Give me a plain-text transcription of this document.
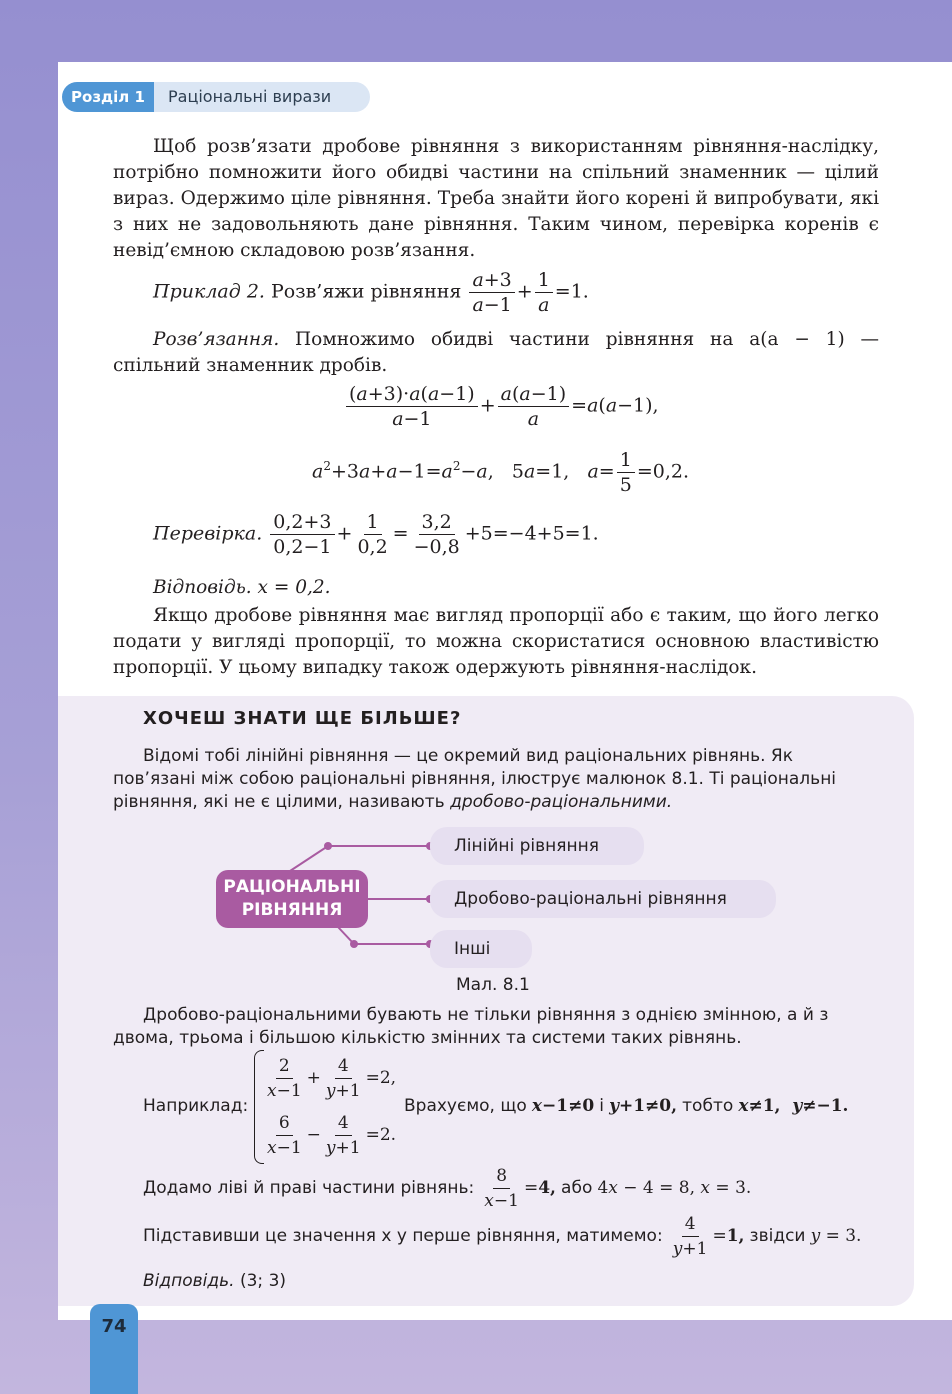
Розділ 1	Раціональні вирази

Щоб розв’язати дробове рівняння з використанням рівняння-наслідку, потрібно помножити його обидві частини на спільний знаменник — цілий вираз. Одержимо ціле рівняння. Треба знайти його корені й випробувати, які з них не задовольняють дане рівняння. Таким чином, перевірка коренів є невід’ємною складовою розв’язання.

Приклад 2. Розв’яжи рівняння $\frac{a+3}{a-1} + \frac{1}{a} =1$.

Розв’язання. Помножимо обидві частини рівняння на a(a − 1) — спільний знаменник дробів.

$\frac{(a+3)\cdot a(a-1)}{a-1} + \frac{a(a-1)}{a} =a(a-1)$,
$a^2+3a+a-1=a^2-a$,   5a=1,   $a= \frac{1}{5} =0,2$.
Перевірка. $\frac{0,2+3}{0,2-1} + \frac{1}{0,2} = \frac{3,2}{-0,8} +5=-4+5=1$.

Відповідь. x = 0,2.

Якщо дробове рівняння має вигляд пропорції або є таким, що його легко подати у вигляді пропорції, то можна скористатися основною властивістю пропорції. У цьому випадку також одержують рівняння-наслідок.

ХОЧЕШ ЗНАТИ ЩЕ БІЛЬШЕ?

Відомі тобі лінійні рівняння — це окремий вид раціональних рівнянь. Як пов’язані між собою раціональні рівняння, ілюструє малюнок 8.1. Ті раціональні рівняння, які не є цілими, називають дробово-раціональними.

РАЦІОНАЛЬНІ
РІВНЯННЯ
Лінійні рівняння
Дробово-раціональні рівняння
Інші
Мал. 8.1

Дробово-раціональними бувають не тільки рівняння з однією змінною, а й з двома, трьома і більшою кількістю змінних та системи таких рівнянь.

Наприклад:
$\frac{2}{x-1} + \frac{4}{y+1} =2$,
$\frac{6}{x-1} - \frac{4}{y+1} =2$.
Врахуємо, що x−1≠0 і y+1≠0, тобто x≠1,  y≠−1.
Додамо ліві й праві частини рівнянь: $\frac{8}{x-1} =4$, або 4x − 4 = 8, x = 3.
Підставивши це значення x у перше рівняння, матимемо: $\frac{4}{y+1} =1$, звідси y = 3.
Відповідь. (3; 3)
74
